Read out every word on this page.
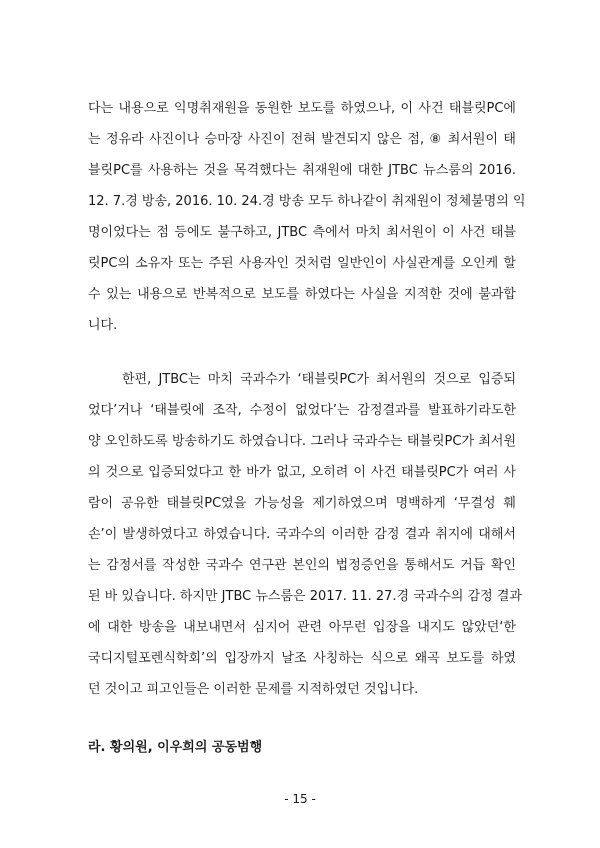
다는 내용으로 익명취재원을 동원한 보도를 하였으나, 이 사건 태블릿PC에
는 정유라 사진이나 승마장 사진이 전혀 발견되지 않은 점, ⑧ 최서원이 태
블릿PC를 사용하는 것을 목격했다는 취재원에 대한 JTBC 뉴스룸의 2016.
12. 7.경 방송, 2016. 10. 24.경 방송 모두 하나같이 취재원이 정체불명의 익
명이었다는 점 등에도 불구하고, JTBC 측에서 마치 최서원이 이 사건 태블
릿PC의 소유자 또는 주된 사용자인 것처럼 일반인이 사실관계를 오인케 할
수 있는 내용으로 반복적으로 보도를 하였다는 사실을 지적한 것에 불과합
니다.
한편, JTBC는 마치 국과수가 ‘태블릿PC가 최서원의 것으로 입증되
었다’거나 ‘태블릿에 조작, 수정이 없었다’는 감정결과를 발표하기라도한
양 오인하도록 방송하기도 하였습니다. 그러나 국과수는 태블릿PC가 최서원
의 것으로 입증되었다고 한 바가 없고, 오히려 이 사건 태블릿PC가 여러 사
람이 공유한 태블릿PC였을 가능성을 제기하였으며 명백하게 ‘무결성 훼
손’이 발생하였다고 하였습니다. 국과수의 이러한 감정 결과 취지에 대해서
는 감정서를 작성한 국과수 연구관 본인의 법정증언을 통해서도 거듭 확인
된 바 있습니다. 하지만 JTBC 뉴스룸은 2017. 11. 27.경 국과수의 감정 결과
에 대한 방송을 내보내면서 심지어 관련 아무런 입장을 내지도 않았던‘한
국디지털포렌식학회’의 입장까지 날조 사칭하는 식으로 왜곡 보도를 하였
던 것이고 피고인들은 이러한 문제를 지적하였던 것입니다.
라. 황의원, 이우희의 공동범행
- 15 -
